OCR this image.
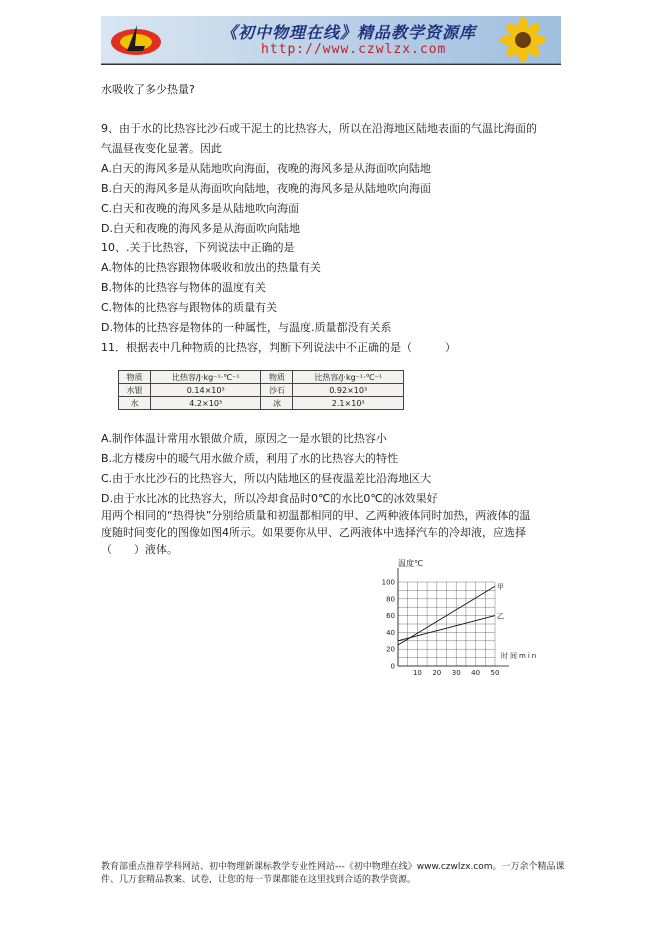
《初中物理在线》精品教学资源库
http://www.czwlzx.com
水吸收了多少热量?
9、由于水的比热容比沙石或干泥土的比热容大，所以在沿海地区陆地表面的气温比海面的
气温昼夜变化显著。因此
A.白天的海风多是从陆地吹向海面，夜晚的海风多是从海面吹向陆地
B.白天的海风多是从海面吹向陆地，夜晚的海风多是从陆地吹向海面
C.白天和夜晚的海风多是从陆地吹向海面
D.白天和夜晚的海风多是从海面吹向陆地
10、.关于比热容，下列说法中正确的是
A.物体的比热容跟物体吸收和放出的热量有关
B.物体的比热容与物体的温度有关
C.物体的比热容与跟物体的质量有关
D.物体的比热容是物体的一种属性，与温度.质量都没有关系
11．根据表中几种物质的比热容，判断下列说法中不正确的是（　　　）
物质	比热容/J·kg⁻¹·℃⁻¹	物质	比热容/J·kg⁻¹·℃⁻¹
水银	0.14×10³	沙石	0.92×10³
水	4.2×10³	冰	2.1×10³
A.制作体温计常用水银做介质，原因之一是水银的比热容小
B.北方楼房中的暖气用水做介质，利用了水的比热容大的特性
C.由于水比沙石的比热容大，所以内陆地区的昼夜温差比沿海地区大
D.由于水比冰的比热容大，所以冷却食品时0℃的水比0℃的冰效果好
用两个相同的“热得快”分别给质量和初温都相同的甲、乙两种液体同时加热，两液体的温
度随时间变化的图像如图4所示。如果要你从甲、乙两液体中选择汽车的冷却液，应选择
（　　）液体。
甲
乙
0
20
40
60
80
100
10 20 30 40 50
温度℃
时间min
教育部重点推荐学科网站、初中物理新课标教学专业性网站---《初中物理在线》www.czwlzx.com。一万余个精品课件、几万套精品教案、试卷，让您的每一节课都能在这里找到合适的教学资源。
